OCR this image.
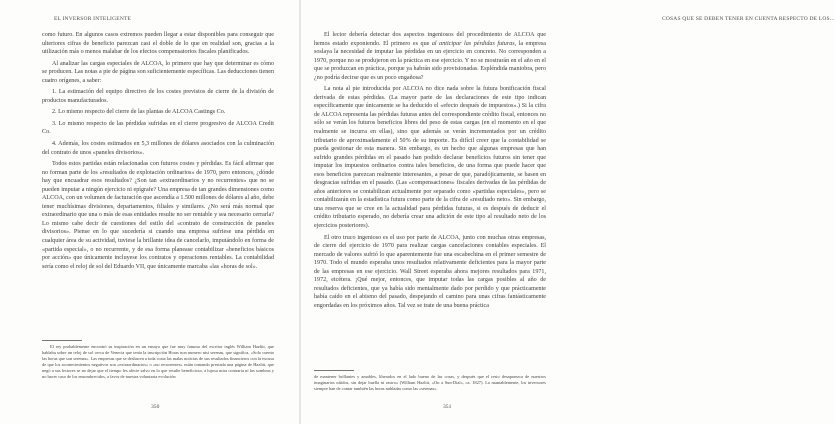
EL INVERSOR INTELIGENTE

como futuro. En algunos casos extremos pueden llegar a estar disponibles para conseguir que ulteriores cifras de beneficio parezcan casi el doble de lo que en realidad son, gracias a la utilización más o menos malabar de los efectos compensatorios fiscales planificados.

Al analizar las cargas especiales de ALCOA, lo primero que hay que determinar es cómo se producen. Las notas a pie de página son suficientemente específicas. Las deducciones tienen cuatro orígenes, a saber:

1. La estimación del equipo directivo de los costes previstos de cierre de la división de productos manufacturados.

2. Lo mismo respecto del cierre de las plantas de ALCOA Castings Co.

3. Lo mismo respecto de las pérdidas sufridas en el cierre progresivo de ALCOA Credit Co.

4. Además, los costes estimados en 5,3 millones de dólares asociados con la culminación del contrato de unos «paneles divisorios».

Todos estos partidas están relacionadas con futuros costes y pérdidas. Es fácil afirmar que no forman parte de los «resultados de explotación ordinarios» de 1970, pero entonces, ¿dónde hay que encuadrar esos resultados? ¿Son tan «extraordinarios y no recurrentes» que no se pueden imputar a ningún ejercicio ni epígrafe? Una empresa de tan grandes dimensiones como ALCOA, con un volumen de facturación que ascendía a 1.500 millones de dólares al año, debe tener muchísimas divisiones, departamentos, filiales y similares. ¿No será más normal que extraordinario que una o más de esas entidades resulte no ser rentable y sea necesario cerrarla? Lo mismo cabe decir de cuestiones del estilo del «contrato de construcción de paneles divisorios». Piense en lo que sucedería si cuando una empresa sufriese una pérdida en cualquier área de su actividad, tuviese la brillante idea de cancelarlo, imputándolo en forma de «partida especial», o no recurrente, y de esa forma planease contabilizar «beneficios básicos por acción» que únicamente incluyese los contratos y operaciones rentables. La contabilidad sería como el reloj de sol del Eduardo VII, que únicamente marcaba «las «horas de sol».

El rey probablemente encontró su inspiración en un ensayo que fue muy famoso del escritor inglés William Hazlitt, que hablaba sobre un reloj de sol cerca de Venecia que tenía la inscripción Horas non numero nisi serenas, que significa, «Solo cuento las horas que son serenas». Las empresas que se deshacen a toda costa las malas noticias de sus resultados financieros con la excusa de que los acontecimientos negativos son «extraordinarios» o «no recurrentes» están tomando prestada una página de Hazlitt, que negó a sus lectores se no dejar que el tiempo les afecte salvo en lo que resulte beneficioso, a lujosa mira contraria ni las sombras y no hacer caso de los ensombrecidos, a favor de nuestra voluntaria evolución

350
COSAS QUE SE DEBEN TENER EN CUENTA RESPECTO DE LOS...

El lector debería detectar dos aspectos ingeniosos del procedimiento de ALCOA que hemos estado exponiendo. El primero es que al anticipar las pérdidas futuras, la empresa soslaya la necesidad de imputar las pérdidas en un ejercicio en concreto. No corresponden a 1970, porque no se produjeron en la práctica en ese ejercicio. Y no se mostrarán en el año en el que se produzcan en práctica, porque ya habrán sido provisionadas. Espléndida maniobra, pero ¿no podría decirse que es un poco engañosa?

La nota al pie introducida por ALCOA no dice nada sobre la futura bonificación fiscal derivada de estas pérdidas. (La mayor parte de las declaraciones de este tipo indican específicamente que únicamente se ha deducido el «efecto después de impuestos».) Si la cifra de ALCOA representa las pérdidas futuras antes del correspondiente crédito fiscal, entonces no sólo se verán los futuros beneficios libres del peso de estas cargas (en el momento en el que realmente se incurra en ellas), sino que además se verán incrementados por un crédito tributario de aproximadamente el 50% de su importe. Es difícil creer que la contabilidad se pueda gestionar de esta manera. Sin embargo, es un hecho que algunas empresas que han sufrido grandes pérdidas en el pasado han podido declarar beneficios futuros sin tener que imputar los impuestos ordinarios contra tales beneficios, de una forma que puede hacer que esos beneficios parezcan realmente interesantes, a pesar de que, paradójicamente, se basen en desgracias sufridas en el pasado. (Las «compensaciones» fiscales derivadas de las pérdidas de años anteriores se contabilizan actualmente por separado como «partidas especiales», pero se contabilizarán en la estadística futura como parte de la cifra de «resultado neto». Sin embargo, una reserva que se cree en la actualidad para pérdidas futuras, si es después de deducir el crédito tributario esperado, no debería crear una adición de este tipo al resultado neto de los ejercicios posteriores).

El otro truco ingenioso es el uso por parte de ALCOA, junto con muchas otras empresas, de cierre del ejercicio de 1970 para realizar cargas cancelaciones contables especiales. El mercado de valores sufrió lo que aparentemente fue una escabechina en el primer semestre de 1970. Todo el mundo esperaba unos resultados relativamente deficientes para la mayor parte de las empresas en ese ejercicio. Wall Street esperaba ahora mejores resultados para 1971, 1972, etcétera. ¡Qué mejor, entonces, que imputar todas las cargas posibles al año de resultados deficientes, que ya había sido mentalmente dado por perdido y que prácticamente había caído en el abismo del pasado, despejando el camino para unas cifras fantásticamente engordadas en los próximos años. Tal vez se trate de una buena práctica

de mantener brillantes y amables, liberados en el lado bueno de las cosas, y después que el resto desaparezca de nuestros imaginarios nítidos, sin dejar huella ni rastro» (William Hazlitt, «On a Sun-Dial», ca. 1827). La mantablemente, los inversores siempre han de contar también las horas nubladas como las «serenas».

351
